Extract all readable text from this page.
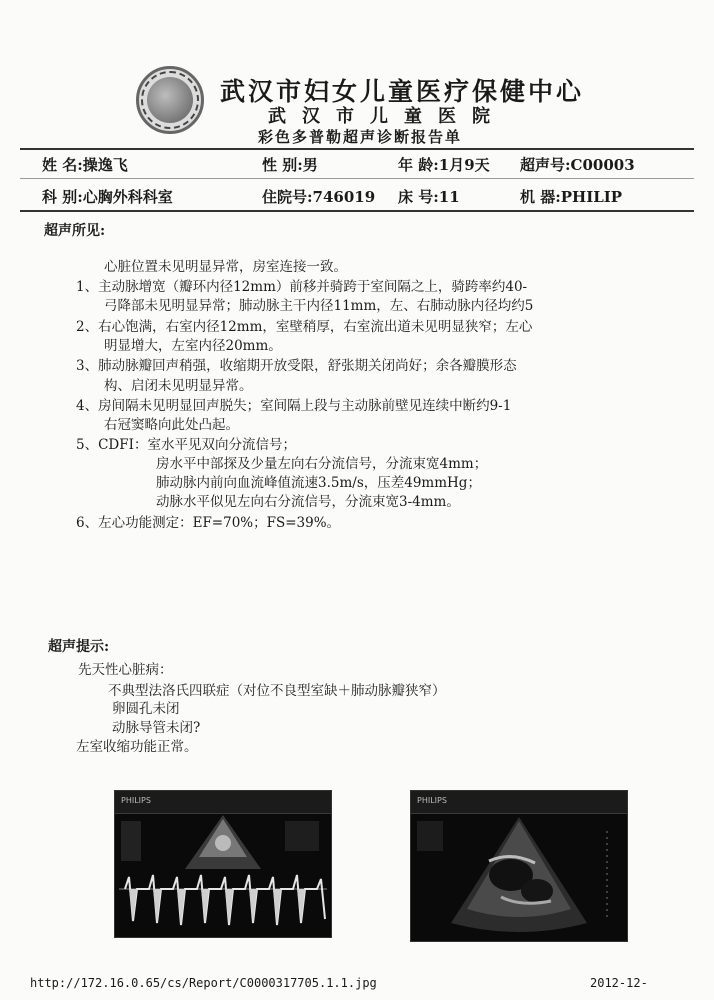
武汉市妇女儿童医疗保健中心
武汉市儿童医院
彩色多普勒超声诊断报告单
姓 名:操逸飞	性 别:男	年 龄:1月9天 超声号:C00003
科 别:心胸外科科室	住院号:746019 床 号:11	机 器:PHILIP
超声所见:
心脏位置未见明显异常，房室连接一致。
1、主动脉增宽（瓣环内径12mm）前移并骑跨于室间隔之上，骑跨率约40-
弓降部未见明显异常；肺动脉主干内径11mm，左、右肺动脉内径均约5
2、右心饱满，右室内径12mm，室壁稍厚，右室流出道未见明显狭窄；左心
明显增大，左室内径20mm。
3、肺动脉瓣回声稍强，收缩期开放受限，舒张期关闭尚好；余各瓣膜形态
构、启闭未见明显异常。
4、房间隔未见明显回声脱失；室间隔上段与主动脉前壁见连续中断约9-1
右冠窦略向此处凸起。
5、CDFI：室水平见双向分流信号；
房水平中部探及少量左向右分流信号，分流束宽4mm；
肺动脉内前向血流峰值流速3.5m/s，压差49mmHg；
动脉水平似见左向右分流信号，分流束宽3-4mm。
6、左心功能测定：EF=70%；FS=39%。
超声提示:
先天性心脏病：
不典型法洛氏四联症（对位不良型室缺＋肺动脉瓣狭窄）
卵圆孔未闭
动脉导管未闭?
左室收缩功能正常。
PHILIPS	PHILIPS
http://172.16.0.65/cs/Report/C0000317705.1.1.jpg	2012-12-
